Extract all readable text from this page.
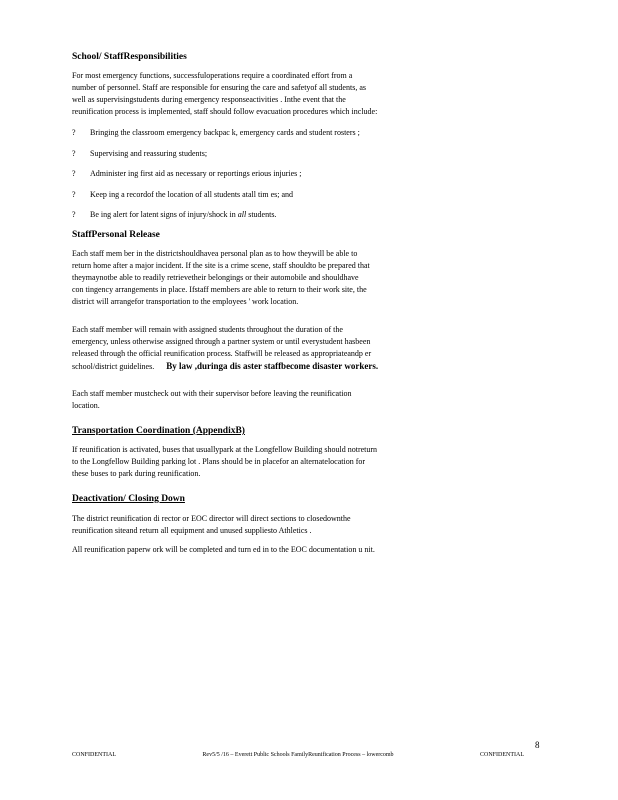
School/ StaffResponsibilities
For most emergency functions, successfuloperations require a coordinated effort from a
number of personnel. Staff are responsible for ensuring the care and safetyof all students, as
well as supervisingstudents during emergency responseactivities . Inthe event that the
reunification process is implemented, staff should follow evacuation procedures which include:
? Bringing the classroom emergency backpac k, emergency cards and student rosters ;
? Supervising and reassuring students;
? Administer ing first aid as necessary or reportings erious injuries ;
? Keep ing a recordof the location of all students atall tim es; and
? Be ing alert for latent signs of injury/shock in all students.
StaffPersonal Release
Each staff mem ber in the districtshouldhavea personal plan as to how theywill be able to
return home after a major incident. If the site is a crime scene, staff shouldto be prepared that
theymaynotbe able to readily retrievetheir belongings or their automobile and shouldhave
con tingency arrangements in place. Ifstaff members are able to return to their work site, the
district will arrangefor transportation to the employees ' work location.
Each staff member will remain with assigned students throughout the duration of the
emergency, unless otherwise assigned through a partner system or until everystudent hasbeen
released through the official reunification process. Staffwill be released as appropriateandp er
school/district guidelines. By law ,duringa dis aster staffbecome disaster workers.
Each staff member mustcheck out with their supervisor before leaving the reunification
location.
Transportation Coordination (AppendixB)
If reunification is activated, buses that usuallypark at the Longfellow Building should notreturn
to the Longfellow Building parking lot . Plans should be in placefor an alternatelocation for
these buses to park during reunification.
Deactivation/ Closing Down
The district reunification di rector or EOC director will direct sections to closedownthe
reunification siteand return all equipment and unused suppliesto Athletics .
All reunification paperw ork will be completed and turn ed in to the EOC documentation u nit.
8
CONFIDENTIAL	Rev5/5 /16 – Everett Public Schools FamilyReunification Process – lowercomb	CONFIDENTIAL
